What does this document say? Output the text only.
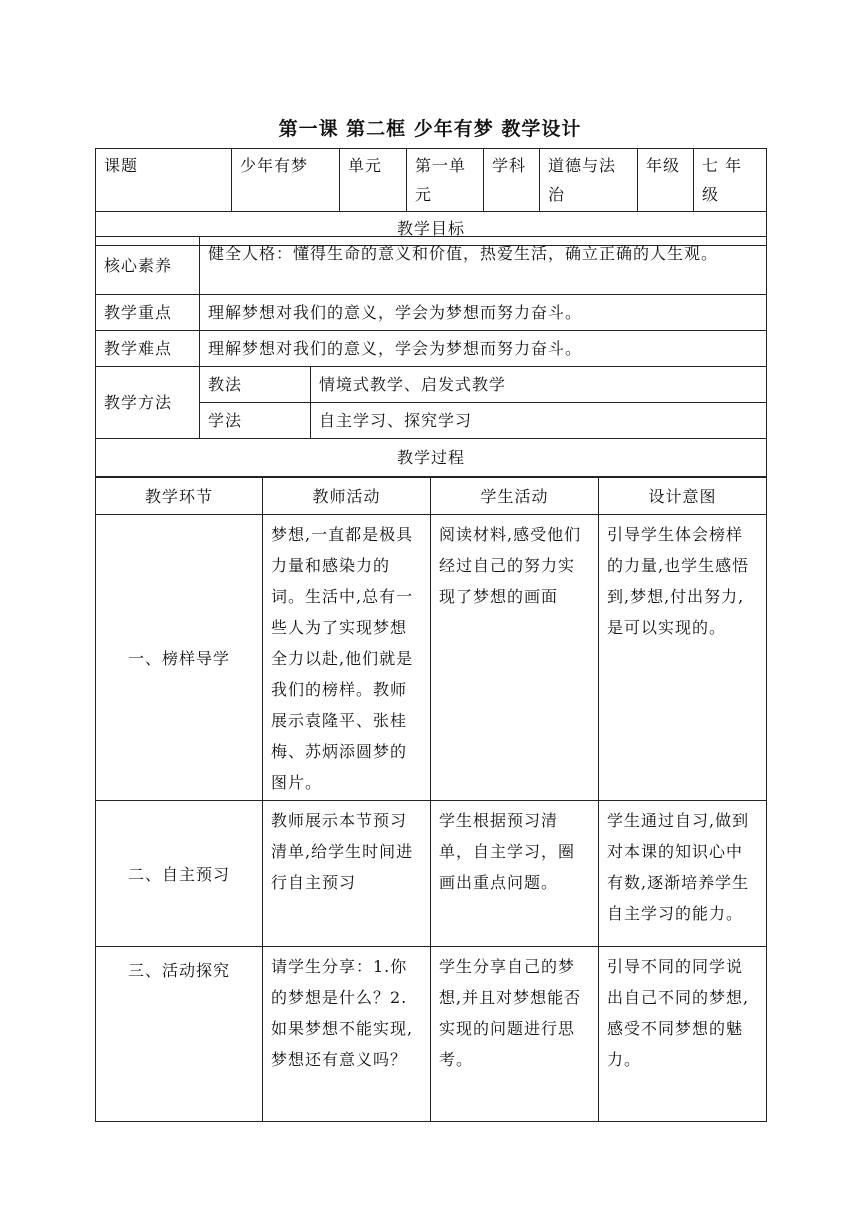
第一课 第二框 少年有梦 教学设计
课题	少年有梦	单元	第一单元	学科	道德与法治	年级	七 年级
教学目标
核心素养	健全人格：懂得生命的意义和价值，热爱生活，确立正确的人生观。	
教学重点	理解梦想对我们的意义，学会为梦想而努力奋斗。	
教学难点	理解梦想对我们的意义，学会为梦想而努力奋斗。	
教学方法	教法	情境式教学、启发式教学
	学法	自主学习、探究学习
教学过程		
教学环节	教师活动	学生活动	设计意图
一、榜样导学	梦想,一直都是极具力量和感染力的词。生活中,总有一些人为了实现梦想全力以赴,他们就是我们的榜样。教师展示袁隆平、张桂梅、苏炳添圆梦的图片。	阅读材料,感受他们经过自己的努力实现了梦想的画面	引导学生体会榜样的力量,也学生感悟到,梦想,付出努力,是可以实现的。
二、自主预习	教师展示本节预习清单,给学生时间进行自主预习	学生根据预习清单，自主学习，圈画出重点问题。	学生通过自习,做到对本课的知识心中有数,逐渐培养学生自主学习的能力。
三、活动探究	请学生分享：1.你的梦想是什么？2.如果梦想不能实现,梦想还有意义吗？	学生分享自己的梦想,并且对梦想能否实现的问题进行思考。	引导不同的同学说出自己不同的梦想,感受不同梦想的魅力。
